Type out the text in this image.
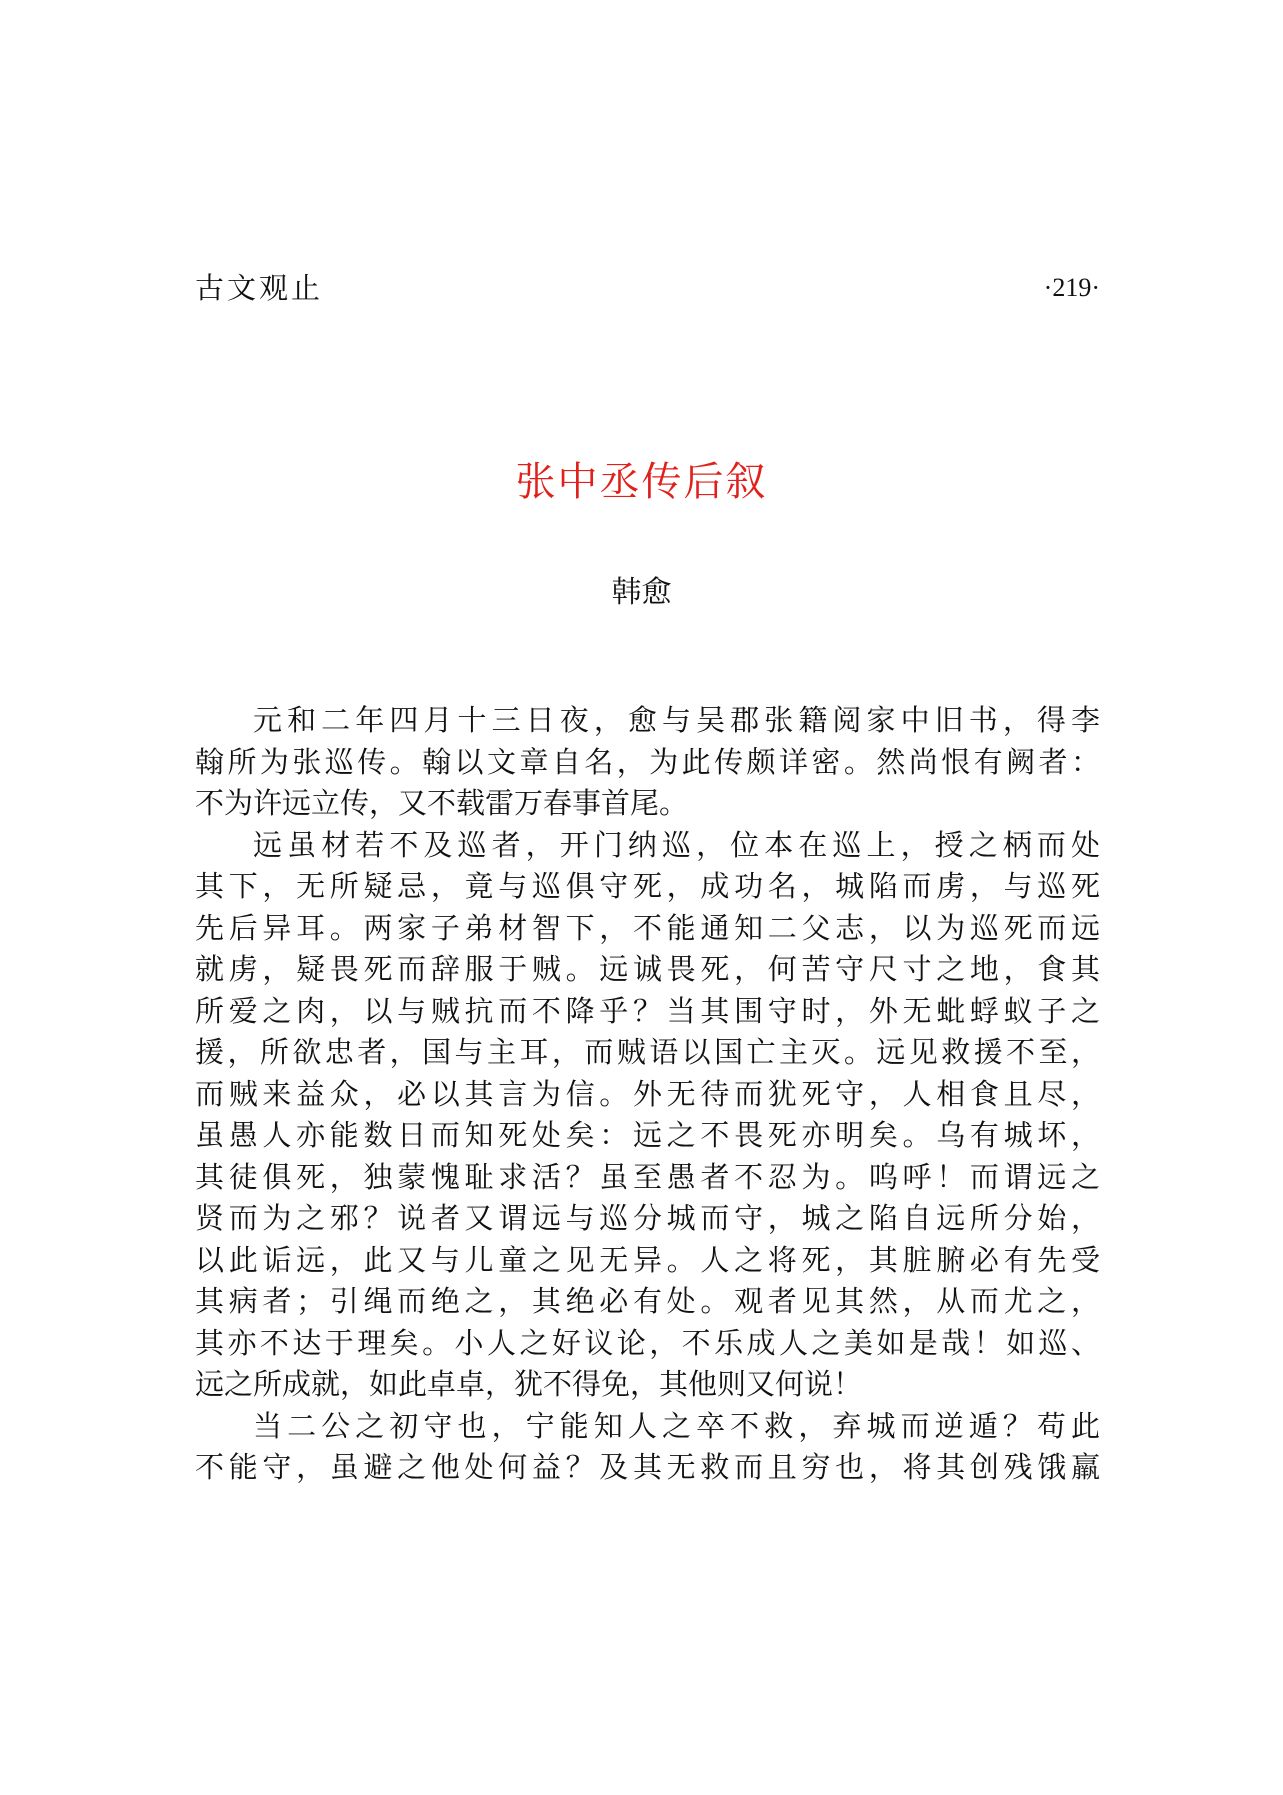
古文观止	·219·
张中丞传后叙
韩愈
元和二年四月十三日夜，愈与吴郡张籍阅家中旧书，得李
翰所为张巡传。翰以文章自名，为此传颇详密。然尚恨有阙者：
不为许远立传，又不载雷万春事首尾。
远虽材若不及巡者，开门纳巡，位本在巡上，授之柄而处
其下，无所疑忌，竟与巡俱守死，成功名，城陷而虏，与巡死
先后异耳。两家子弟材智下，不能通知二父志，以为巡死而远
就虏，疑畏死而辞服于贼。远诚畏死，何苦守尺寸之地，食其
所爱之肉，以与贼抗而不降乎？当其围守时，外无蚍蜉蚁子之
援，所欲忠者，国与主耳，而贼语以国亡主灭。远见救援不至，
而贼来益众，必以其言为信。外无待而犹死守，人相食且尽，
虽愚人亦能数日而知死处矣：远之不畏死亦明矣。乌有城坏，
其徒俱死，独蒙愧耻求活？虽至愚者不忍为。呜呼！而谓远之
贤而为之邪？说者又谓远与巡分城而守，城之陷自远所分始，
以此诟远，此又与儿童之见无异。人之将死，其脏腑必有先受
其病者；引绳而绝之，其绝必有处。观者见其然，从而尤之，
其亦不达于理矣。小人之好议论，不乐成人之美如是哉！如巡、
远之所成就，如此卓卓，犹不得免，其他则又何说！
当二公之初守也，宁能知人之卒不救，弃城而逆遁？苟此
不能守，虽避之他处何益？及其无救而且穷也，将其创残饿羸
